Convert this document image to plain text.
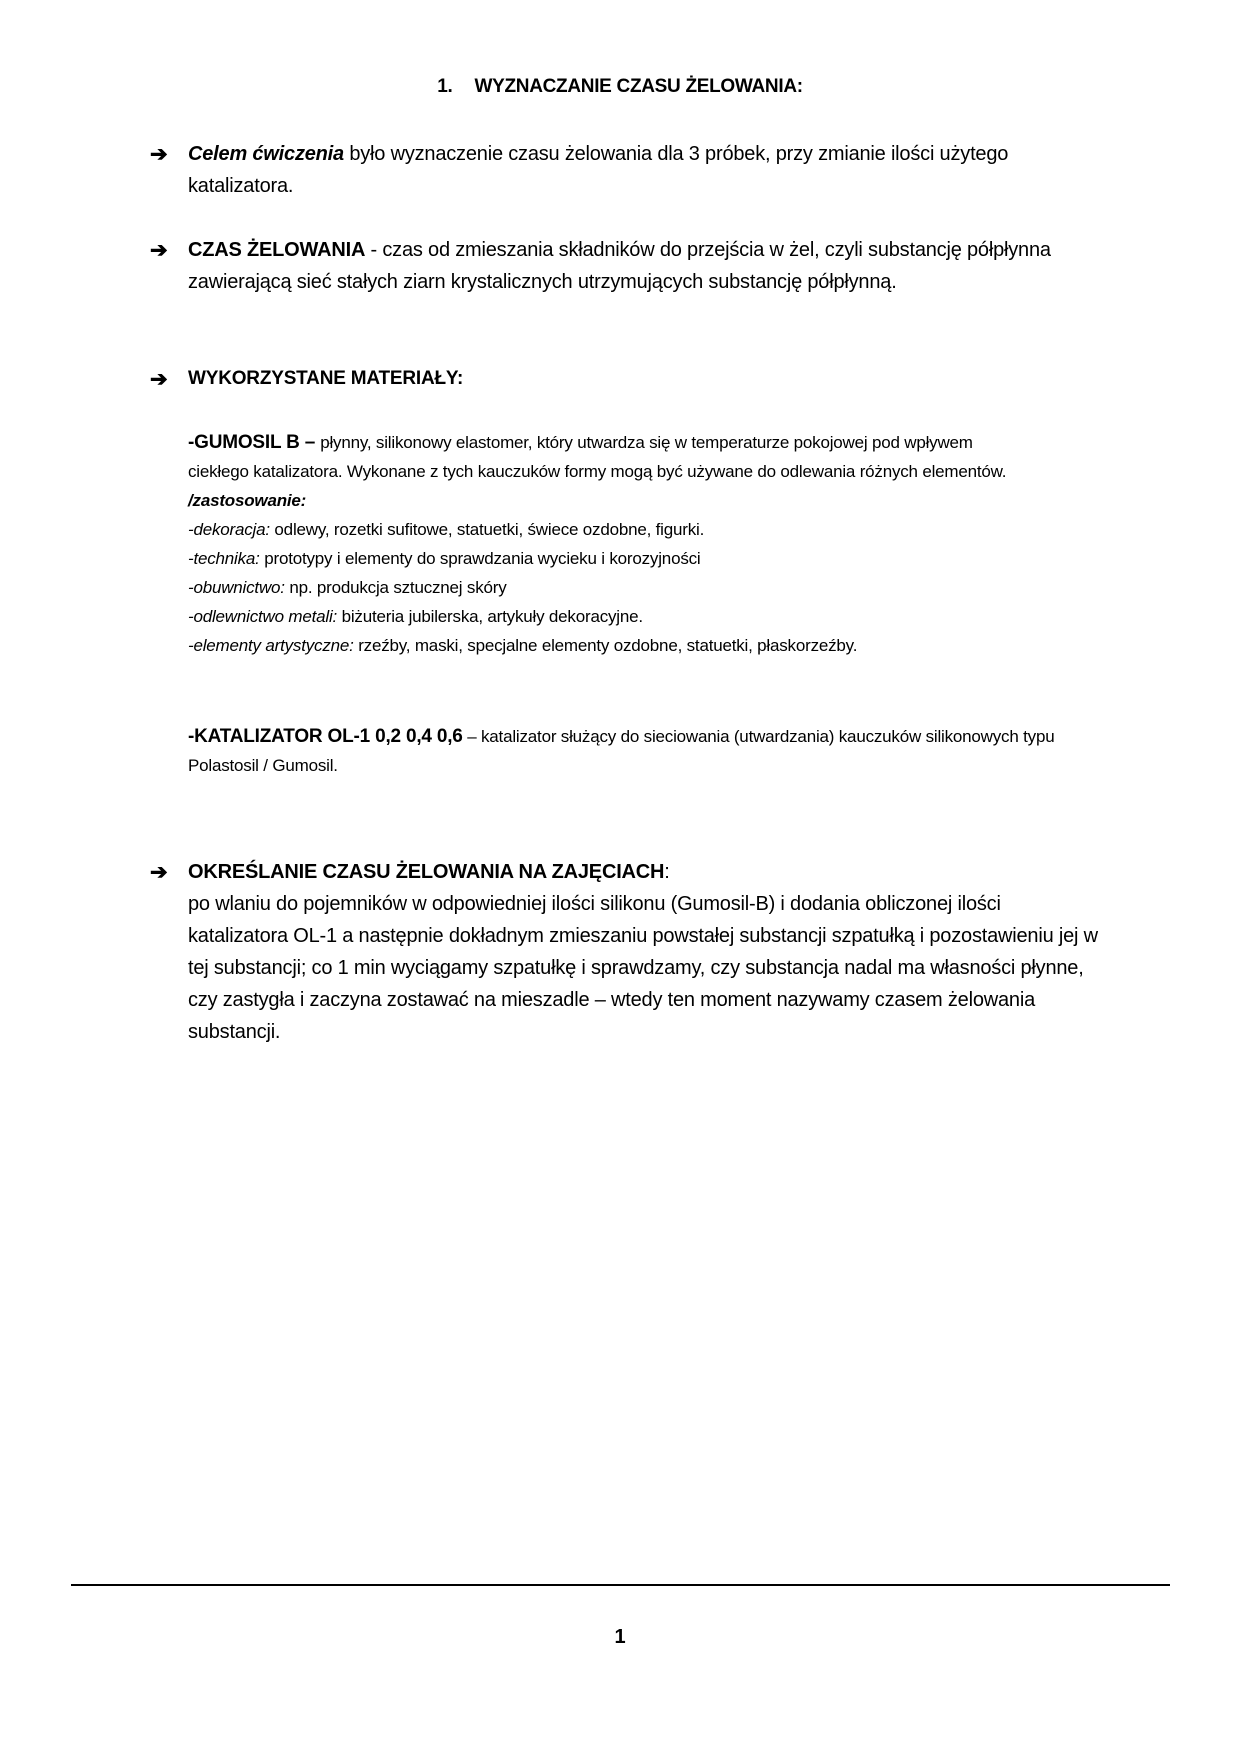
1. WYZNACZANIE CZASU ŻELOWANIA:
➔	Celem ćwiczenia było wyznaczenie czasu żelowania dla 3 próbek, przy zmianie ilości użytego
katalizatora.
➔	CZAS ŻELOWANIA - czas od zmieszania składników do przejścia w żel, czyli substancję półpłynna
zawierającą sieć stałych ziarn krystalicznych utrzymujących substancję półpłynną.
➔	WYKORZYSTANE MATERIAŁY:
-GUMOSIL B – płynny, silikonowy elastomer, który utwardza się w temperaturze pokojowej pod wpływem
ciekłego katalizatora. Wykonane z tych kauczuków formy mogą być używane do odlewania różnych elementów.
/zastosowanie:
-dekoracja: odlewy, rozetki sufitowe, statuetki, świece ozdobne, figurki.
-technika: prototypy i elementy do sprawdzania wycieku i korozyjności
-obuwnictwo: np. produkcja sztucznej skóry
-odlewnictwo metali: biżuteria jubilerska, artykuły dekoracyjne.
-elementy artystyczne: rzeźby, maski, specjalne elementy ozdobne, statuetki, płaskorzeźby.
-KATALIZATOR OL-1 0,2 0,4 0,6 – katalizator służący do sieciowania (utwardzania) kauczuków silikonowych typu
Polastosil / Gumosil.
➔	OKREŚLANIE CZASU ŻELOWANIA NA ZAJĘCIACH:
po wlaniu do pojemników w odpowiedniej ilości silikonu (Gumosil-B) i dodania obliczonej ilości
katalizatora OL-1 a następnie dokładnym zmieszaniu powstałej substancji szpatułką i pozostawieniu jej w
tej substancji; co 1 min wyciągamy szpatułkę i sprawdzamy, czy substancja nadal ma własności płynne,
czy zastygła i zaczyna zostawać na mieszadle – wtedy ten moment nazywamy czasem żelowania
substancji.
1
